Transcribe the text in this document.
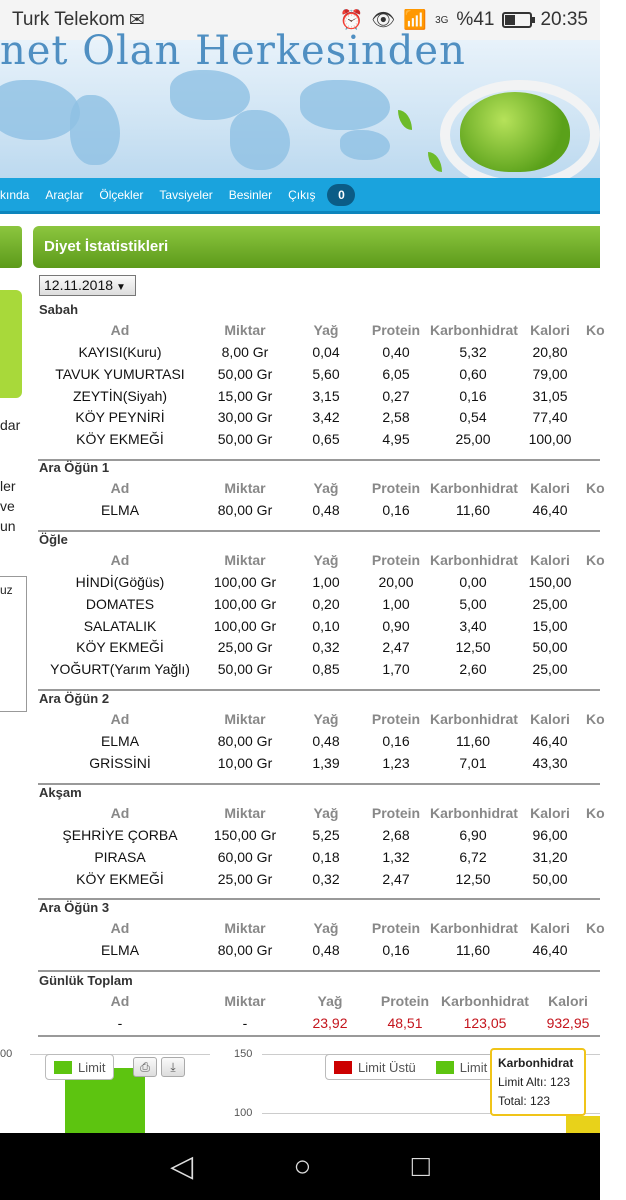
Turk Telekom ✉	⏰ 👁 📶 3G %41 20:35
net Olan Herkesinden
kında	Araçlar	Ölçekler	Tavsiyeler	Besinler	Çıkış	0
dar
ler
ve
un
uz
Diyet İstatistikleri
12.11.2018 ▼
Sabah
Ad	Miktar	Yağ	Protein Karbonhidrat Kalori	Ko
KAYISI(Kuru)	8,00 Gr	0,04	0,40	5,32	20,80
TAVUK YUMURTASI	50,00 Gr	5,60	6,05	0,60	79,00
ZEYTİN(Siyah)	15,00 Gr	3,15	0,27	0,16	31,05
KÖY PEYNİRİ	30,00 Gr	3,42	2,58	0,54	77,40
KÖY EKMEĞİ	50,00 Gr	0,65	4,95	25,00	100,00
Ara Öğün 1
Ad	Miktar	Yağ	Protein Karbonhidrat Kalori	Ko
ELMA	80,00 Gr	0,48	0,16	11,60	46,40
Öğle
Ad	Miktar	Yağ	Protein Karbonhidrat Kalori	Ko
HİNDİ(Göğüs)	100,00 Gr	1,00	20,00	0,00	150,00
DOMATES	100,00 Gr	0,20	1,00	5,00	25,00
SALATALIK	100,00 Gr	0,10	0,90	3,40	15,00
KÖY EKMEĞİ	25,00 Gr	0,32	2,47	12,50	50,00
YOĞURT(Yarım Yağlı)	50,00 Gr	0,85	1,70	2,60	25,00
Ara Öğün 2
Ad	Miktar	Yağ	Protein Karbonhidrat Kalori	Ko
ELMA	80,00 Gr	0,48	0,16	11,60	46,40
GRİSSİNİ	10,00 Gr	1,39	1,23	7,01	43,30
Akşam
Ad	Miktar	Yağ	Protein Karbonhidrat Kalori	Ko
ŞEHRİYE ÇORBA	150,00 Gr	5,25	2,68	6,90	96,00
PIRASA	60,00 Gr	0,18	1,32	6,72	31,20
KÖY EKMEĞİ	25,00 Gr	0,32	2,47	12,50	50,00
Ara Öğün 3
Ad	Miktar	Yağ	Protein Karbonhidrat Kalori	Ko
ELMA	80,00 Gr	0,48	0,16	11,60	46,40
Günlük Toplam
Ad	Miktar	Yağ	Protein Karbonhidrat	Kalori
-	-	23,92	48,51	123,05	932,95
00
Limit	⎙	⤓
150
100
Limit Üstü	Limit Karbonhidrat
Limit Altı: 123
Total: 123
◁	○	□
